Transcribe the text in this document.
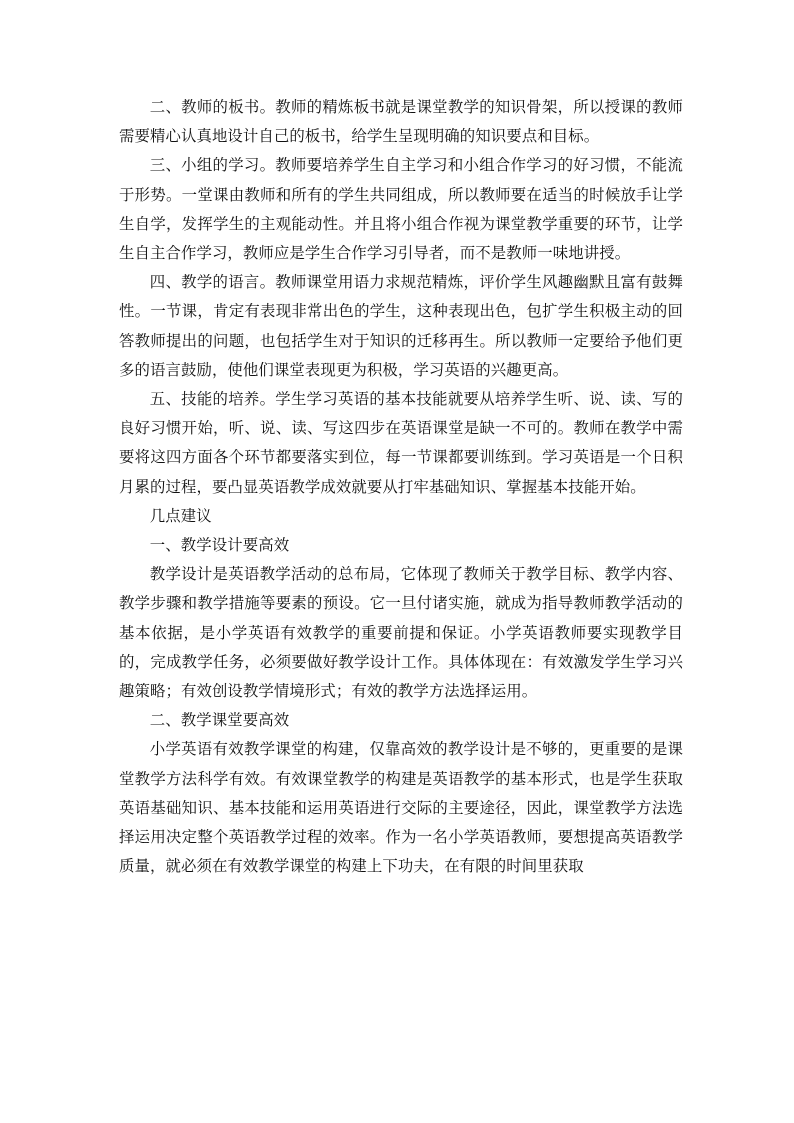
二、教师的板书。教师的精炼板书就是课堂教学的知识骨架，所以授课的教师需要精心认真地设计自己的板书，给学生呈现明确的知识要点和目标。

三、小组的学习。教师要培养学生自主学习和小组合作学习的好习惯，不能流于形势。一堂课由教师和所有的学生共同组成，所以教师要在适当的时候放手让学生自学，发挥学生的主观能动性。并且将小组合作视为课堂教学重要的环节，让学生自主合作学习，教师应是学生合作学习引导者，而不是教师一味地讲授。

四、教学的语言。教师课堂用语力求规范精炼，评价学生风趣幽默且富有鼓舞性。一节课，肯定有表现非常出色的学生，这种表现出色，包扩学生积极主动的回答教师提出的问题，也包括学生对于知识的迁移再生。所以教师一定要给予他们更多的语言鼓励，使他们课堂表现更为积极，学习英语的兴趣更高。

五、技能的培养。学生学习英语的基本技能就要从培养学生听、说、读、写的良好习惯开始，听、说、读、写这四步在英语课堂是缺一不可的。教师在教学中需要将这四方面各个环节都要落实到位，每一节课都要训练到。学习英语是一个日积月累的过程，要凸显英语教学成效就要从打牢基础知识、掌握基本技能开始。

几点建议

一、教学设计要高效

教学设计是英语教学活动的总布局，它体现了教师关于教学目标、教学内容、教学步骤和教学措施等要素的预设。它一旦付诸实施，就成为指导教师教学活动的基本依据，是小学英语有效教学的重要前提和保证。小学英语教师要实现教学目的，完成教学任务，必须要做好教学设计工作。具体体现在：有效激发学生学习兴趣策略；有效创设教学情境形式；有效的教学方法选择运用。

二、教学课堂要高效

小学英语有效教学课堂的构建，仅靠高效的教学设计是不够的，更重要的是课堂教学方法科学有效。有效课堂教学的构建是英语教学的基本形式，也是学生获取英语基础知识、基本技能和运用英语进行交际的主要途径，因此，课堂教学方法选择运用决定整个英语教学过程的效率。作为一名小学英语教师，要想提高英语教学质量，就必须在有效教学课堂的构建上下功夫，在有限的时间里获取
